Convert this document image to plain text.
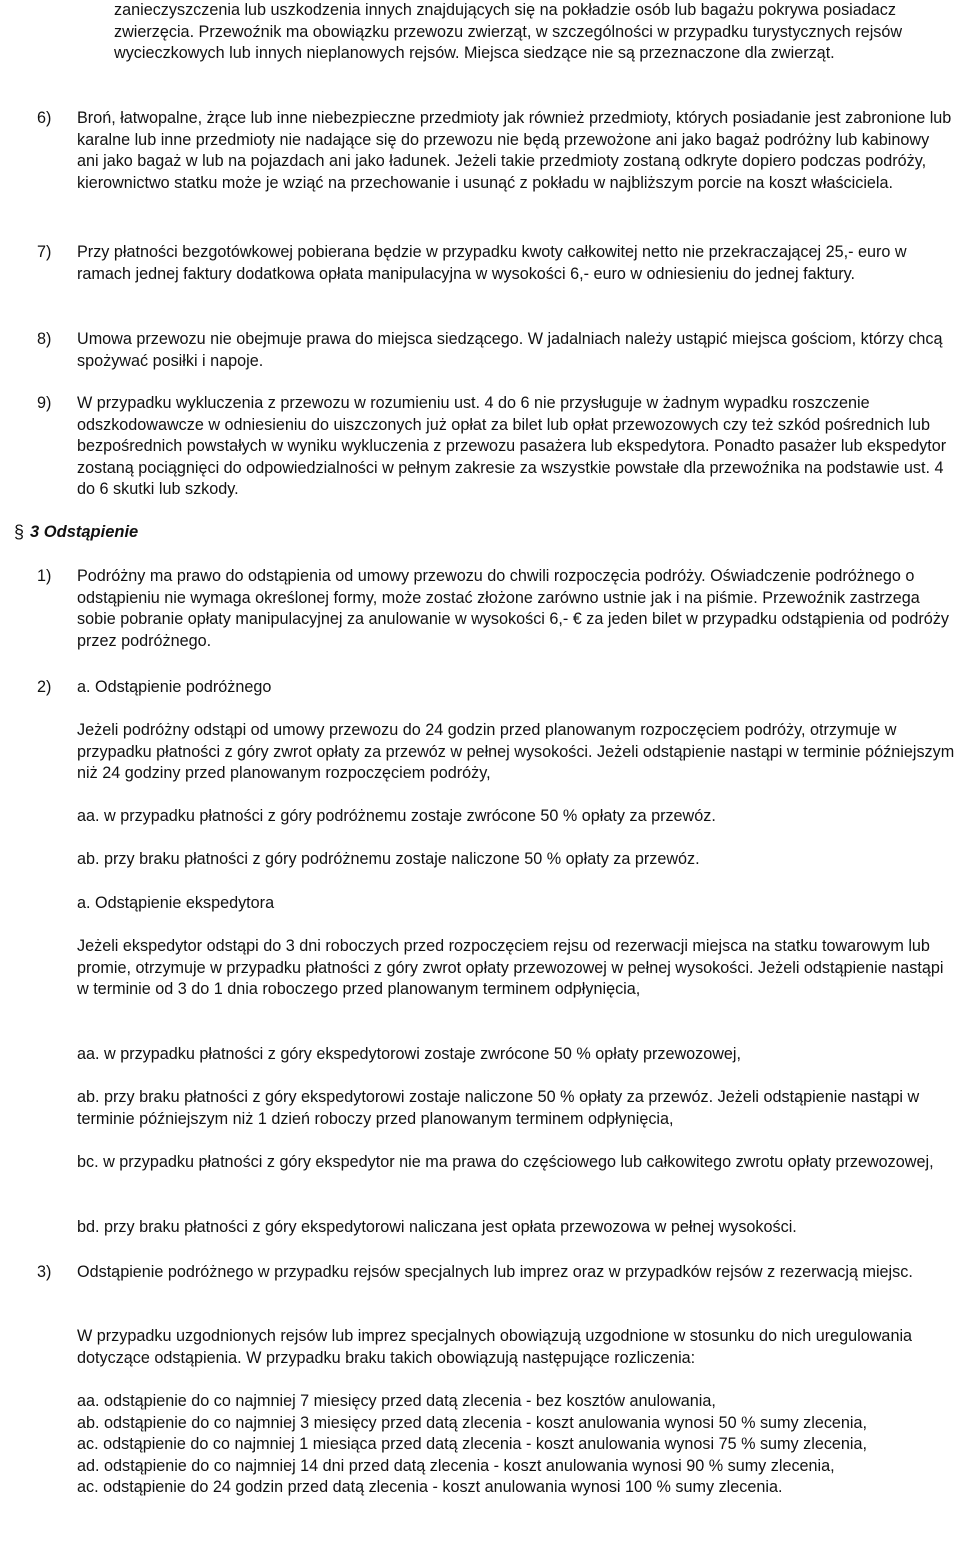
zanieczyszczenia lub uszkodzenia innych znajdujących się na pokładzie osób lub bagażu pokrywa posiadacz zwierzęcia. Przewoźnik ma obowiązku przewozu zwierząt, w szczególności w przypadku turystycznych rejsów wycieczkowych lub innych nieplanowych rejsów. Miejsca siedzące nie są przeznaczone dla zwierząt.

6) Broń, łatwopalne, żrące lub inne niebezpieczne przedmioty jak również przedmioty, których posiadanie jest zabronione lub karalne lub inne przedmioty nie nadające się do przewozu nie będą przewożone ani jako bagaż podróżny lub kabinowy ani jako bagaż w lub na pojazdach ani jako ładunek. Jeżeli takie przedmioty zostaną odkryte dopiero podczas podróży, kierownictwo statku może je wziąć na przechowanie i usunąć z pokładu w najbliższym porcie na koszt właściciela.

7) Przy płatności bezgotówkowej pobierana będzie w przypadku kwoty całkowitej netto nie przekraczającej 25,- euro w ramach jednej faktury dodatkowa opłata manipulacyjna w wysokości 6,- euro w odniesieniu do jednej faktury.

8) Umowa przewozu nie obejmuje prawa do miejsca siedzącego. W jadalniach należy ustąpić miejsca gościom, którzy chcą spożywać posiłki i napoje.

9) W przypadku wykluczenia z przewozu w rozumieniu ust. 4 do 6 nie przysługuje w żadnym wypadku roszczenie odszkodowawcze w odniesieniu do uiszczonych już opłat za bilet lub opłat przewozowych czy też szkód pośrednich lub bezpośrednich powstałych w wyniku wykluczenia z przewozu pasażera lub ekspedytora. Ponadto pasażer lub ekspedytor zostaną pociągnięci do odpowiedzialności w pełnym zakresie za wszystkie powstałe dla przewoźnika na podstawie ust. 4 do 6 skutki lub szkody.

§ 3 Odstąpienie
1) Podróżny ma prawo do odstąpienia od umowy przewozu do chwili rozpoczęcia podróży. Oświadczenie podróżnego o odstąpieniu nie wymaga określonej formy, może zostać złożone zarówno ustnie jak i na piśmie. Przewoźnik zastrzega sobie pobranie opłaty manipulacyjnej za anulowanie w wysokości 6,- € za jeden bilet w przypadku odstąpienia od podróży przez podróżnego.

2) a. Odstąpienie podróżnego

Jeżeli podróżny odstąpi od umowy przewozu do 24 godzin przed planowanym rozpoczęciem podróży, otrzymuje w przypadku płatności z góry zwrot opłaty za przewóz w pełnej wysokości. Jeżeli odstąpienie nastąpi w terminie późniejszym niż 24 godziny przed planowanym rozpoczęciem podróży,

aa. w przypadku płatności z góry podróżnemu zostaje zwrócone 50 % opłaty za przewóz.

ab. przy braku płatności z góry podróżnemu zostaje naliczone 50 % opłaty za przewóz.

a. Odstąpienie ekspedytora

Jeżeli ekspedytor odstąpi do 3 dni roboczych przed rozpoczęciem rejsu od rezerwacji miejsca na statku towarowym lub promie, otrzymuje w przypadku płatności z góry zwrot opłaty przewozowej w pełnej wysokości. Jeżeli odstąpienie nastąpi w terminie od 3 do 1 dnia roboczego przed planowanym terminem odpłynięcia,

aa. w przypadku płatności z góry ekspedytorowi zostaje zwrócone 50 % opłaty przewozowej,

ab. przy braku płatności z góry ekspedytorowi zostaje naliczone 50 % opłaty za przewóz. Jeżeli odstąpienie nastąpi w terminie późniejszym niż 1 dzień roboczy przed planowanym terminem odpłynięcia,

bc. w przypadku płatności z góry ekspedytor nie ma prawa do częściowego lub całkowitego zwrotu opłaty przewozowej,

bd. przy braku płatności z góry ekspedytorowi naliczana jest opłata przewozowa w pełnej wysokości.

3) Odstąpienie podróżnego w przypadku rejsów specjalnych lub imprez oraz w przypadków rejsów z rezerwacją miejsc.

W przypadku uzgodnionych rejsów lub imprez specjalnych obowiązują uzgodnione w stosunku do nich uregulowania dotyczące odstąpienia. W przypadku braku takich obowiązują następujące rozliczenia:

aa. odstąpienie do co najmniej 7 miesięcy przed datą zlecenia - bez kosztów anulowania,

ab. odstąpienie do co najmniej 3 miesięcy przed datą zlecenia - koszt anulowania wynosi 50 % sumy zlecenia,

ac. odstąpienie do co najmniej 1 miesiąca przed datą zlecenia - koszt anulowania wynosi 75 % sumy zlecenia,

ad. odstąpienie do co najmniej 14 dni przed datą zlecenia - koszt anulowania wynosi 90 % sumy zlecenia,

ac. odstąpienie do 24 godzin przed datą zlecenia - koszt anulowania wynosi 100 % sumy zlecenia.
